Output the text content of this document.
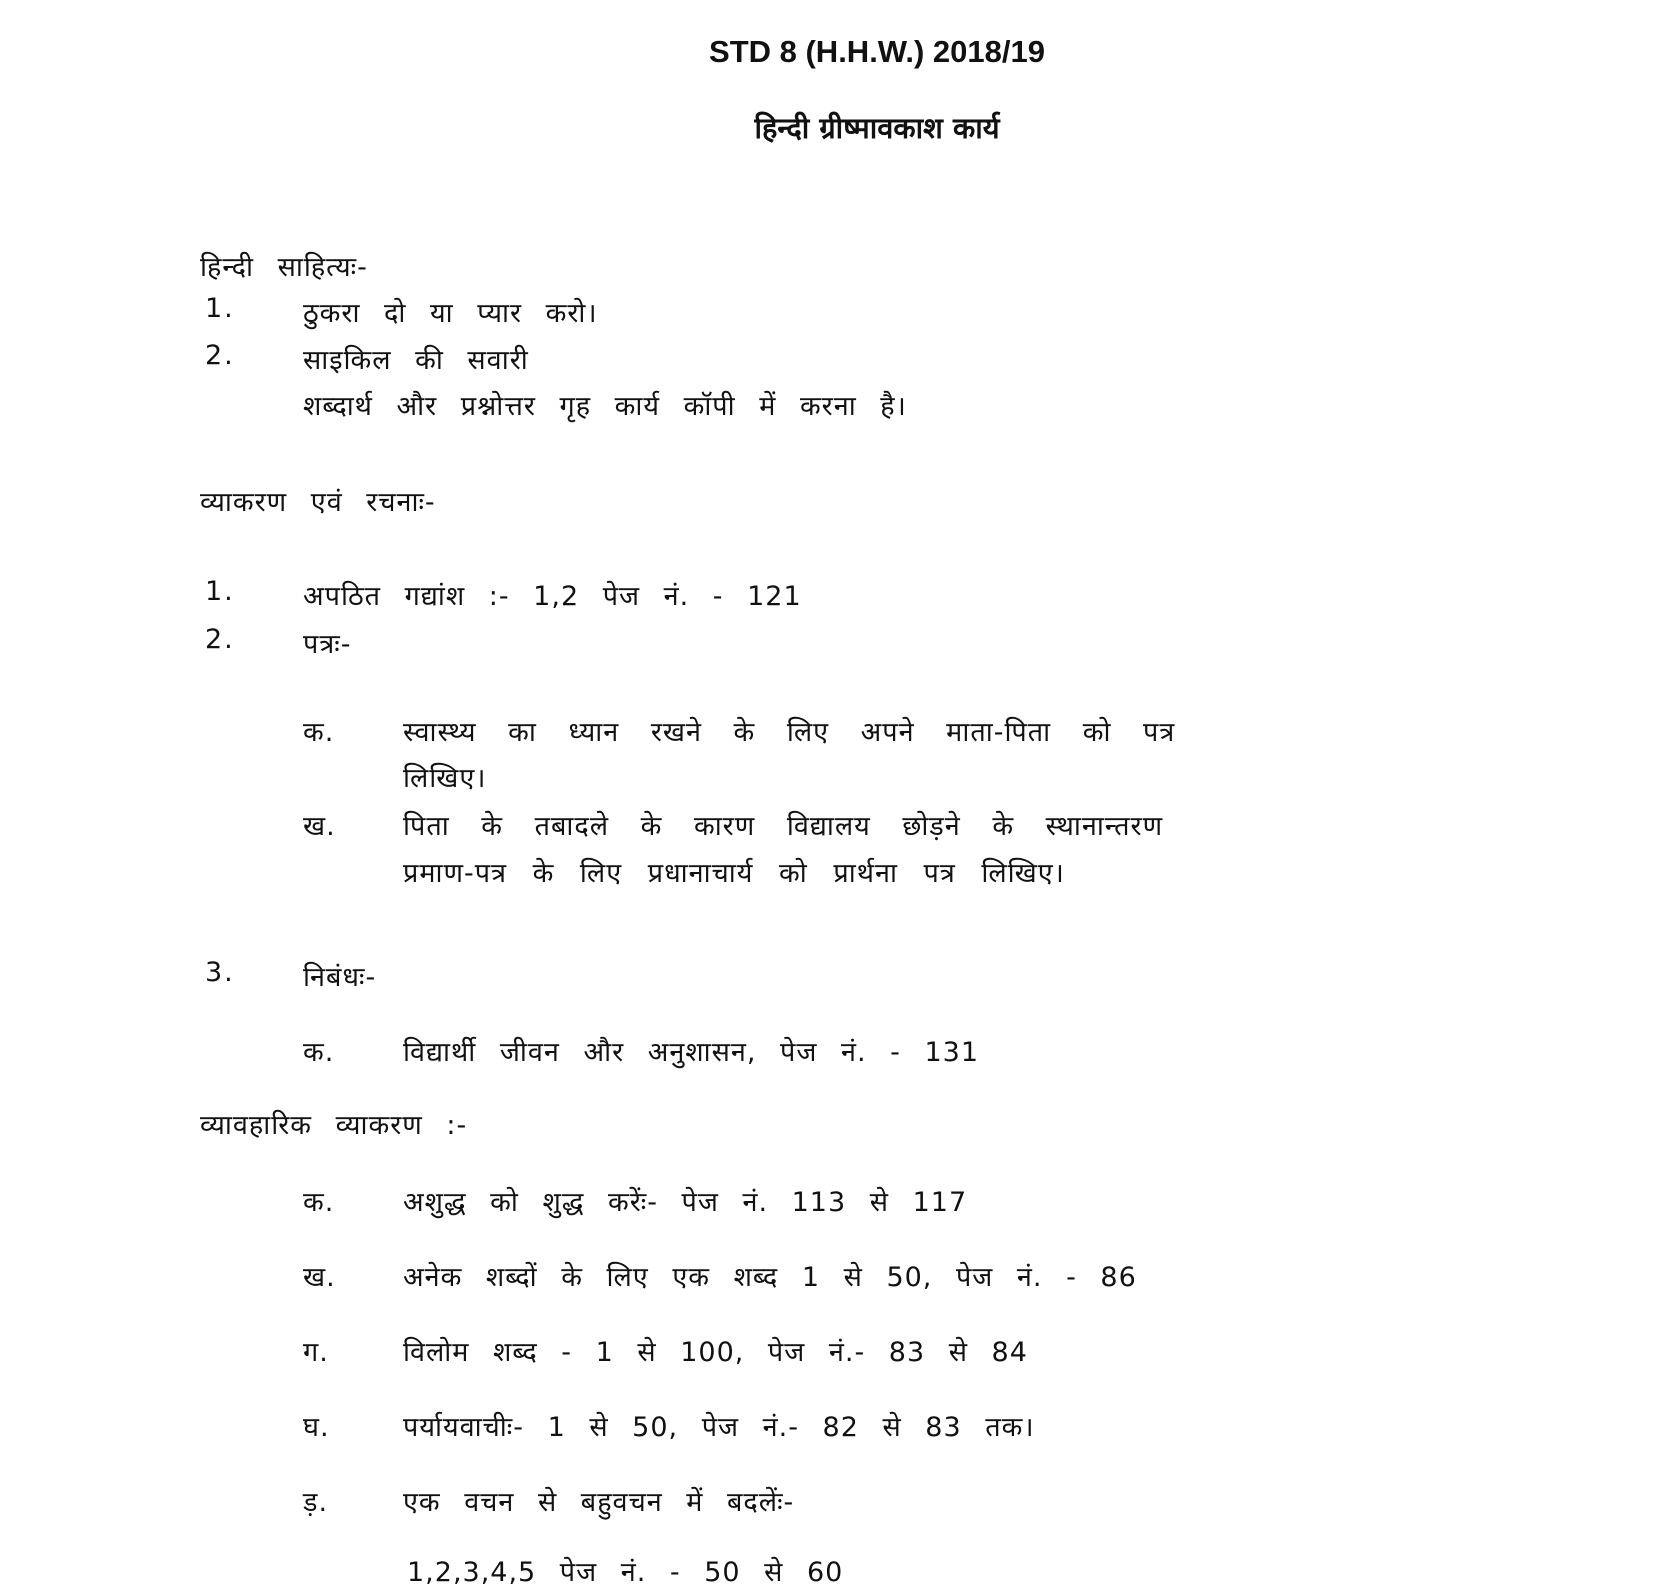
STD 8 (H.H.W.) 2018/19
हिन्दी ग्रीष्मावकाश कार्य
हिन्दी साहित्यः-
1.	ठुकरा दो या प्यार करो।
2.	साइकिल की सवारी
शब्दार्थ और प्रश्नोत्तर गृह कार्य कॉपी में करना है।
व्याकरण एवं रचनाः-
1.	अपठित गद्यांश :- 1,2 पेज नं. - 121
2.	पत्रः-
क.	स्वास्थ्य का ध्यान रखने के लिए अपने माता-पिता को पत्र
लिखिए।
ख. पिता के तबादले के कारण विद्यालय छोड़ने के स्थानान्तरण
प्रमाण-पत्र के लिए प्रधानाचार्य को प्रार्थना पत्र लिखिए।
3.	निबंधः-
क.	विद्यार्थी जीवन और अनुशासन, पेज नं. - 131
व्यावहारिक व्याकरण :-
क.	अशुद्ध को शुद्ध करेंः- पेज नं. 113 से 117
ख. अनेक शब्दों के लिए एक शब्द 1 से 50, पेज नं. - 86
ग.	विलोम शब्द - 1 से 100, पेज नं.- 83 से 84
घ.	पर्यायवाचीः- 1 से 50, पेज नं.- 82 से 83 तक।
ड़.	एक वचन से बहुवचन में बदलेंः-
1,2,3,4,5 पेज नं. - 50 से 60
